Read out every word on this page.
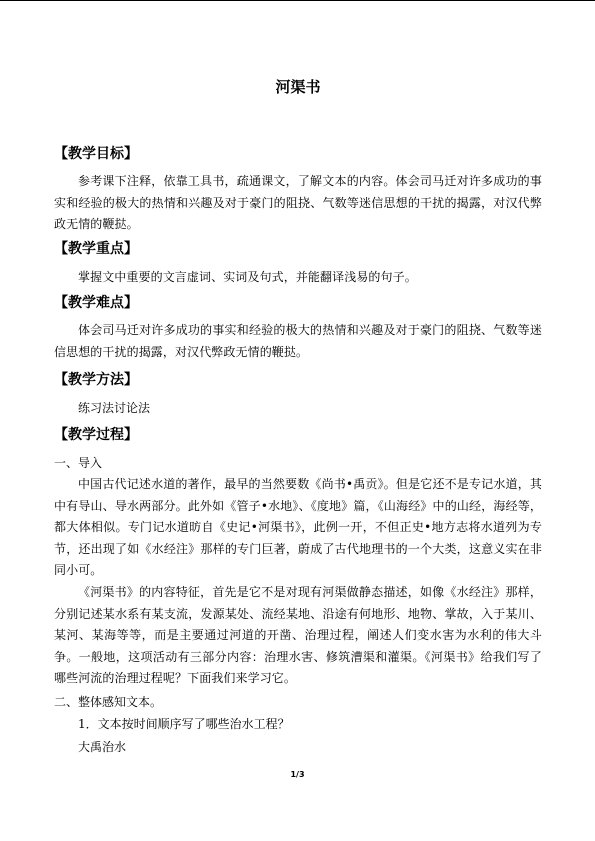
河渠书
【教学目标】
参考课下注释，依靠工具书，疏通课文，了解文本的内容。体会司马迁对许多成功的事实和经验的极大的热情和兴趣及对于豪门的阻挠、气数等迷信思想的干扰的揭露，对汉代弊政无情的鞭挞。
【教学重点】
掌握文中重要的文言虚词、实词及句式，并能翻译浅易的句子。
【教学难点】
体会司马迁对许多成功的事实和经验的极大的热情和兴趣及对于豪门的阻挠、气数等迷信思想的干扰的揭露，对汉代弊政无情的鞭挞。
【教学方法】
练习法讨论法
【教学过程】
一、导入
中国古代记述水道的著作，最早的当然要数《尚书•禹贡》。但是它还不是专记水道，其中有导山、导水两部分。此外如《管子•水地》、《度地》篇，《山海经》中的山经，海经等，都大体相似。专门记水道昉自《史记•河渠书》，此例一开，不但正史•地方志将水道列为专节，还出现了如《水经注》那样的专门巨著，蔚成了古代地理书的一个大类，这意义实在非同小可。
《河渠书》的内容特征，首先是它不是对现有河渠做静态描述，如像《水经注》那样，分别记述某水系有某支流，发源某处、流经某地、沿途有何地形、地物、掌故，入于某川、某河、某海等等，而是主要通过河道的开凿、治理过程，阐述人们变水害为水利的伟大斗争。一般地，这项活动有三部分内容：治理水害、修筑漕渠和灌渠。《河渠书》给我们写了哪些河流的治理过程呢？下面我们来学习它。
二、整体感知文本。
1．文本按时间顺序写了哪些治水工程？
大禹治水
1/3
